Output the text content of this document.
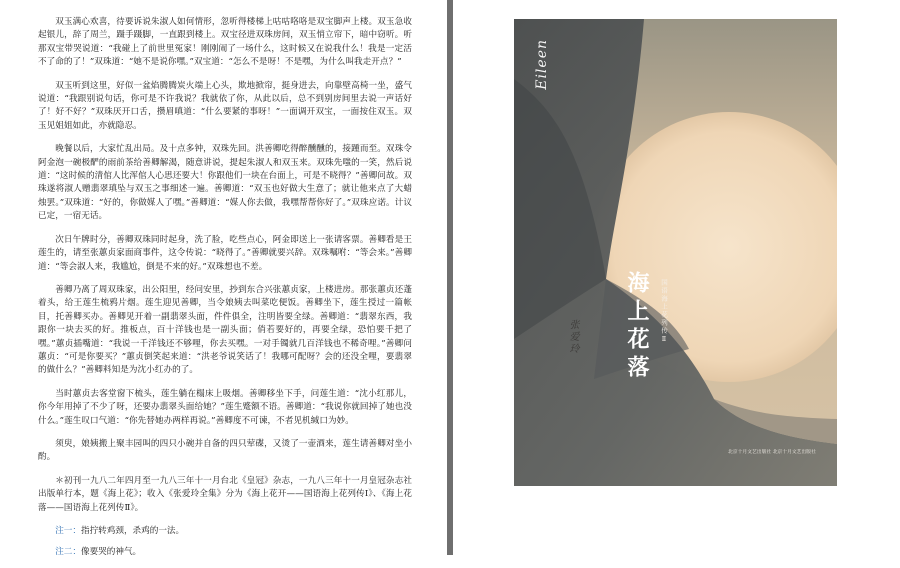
双玉满心欢喜，待要诉说朱淑人如何情形，忽听得楼梯上咕咕咯咯是双宝脚声上楼。双玉急收起银儿，辞了周兰，蹑手蹑脚，一直跟到楼上。双宝径进双珠房间，双玉悄立帘下，暗中窃听。听那双宝带哭说道：“我碰上了前世里冤家！刚刚闹了一场什么，这时候又在说我什么！我是一定活不了命的了！”双珠道：“她不是说你嘿。”双宝道：“怎么不是呀！不是嘿，为什么叫我走开点？”

双玉听到这里，好似一盆焰腾腾炭火端上心头，欺地掀帘，挺身进去，向靠壁高椅一坐，盛气说道：“我跟别说句话，你可是不许我说？我就依了你，从此以后，总不到别房间里去说一声话好了！好不好？”双珠厌开口舌，攒眉嗔道：“什么要紧的事呀！”一面调开双宝，一面按住双玉。双玉见姐姐如此，亦就隐忍。

晚餐以后，大家忙乱出局。及十点多钟，双珠先回。洪善卿吃得醉醺醺的，接踵而至。双珠令阿金泡一碗极酽的雨前茶给善卿解渴，随意讲说，提起朱淑人和双玉来。双珠先嗤的一笑，然后说道：“这时候的清倌人比浑倌人心思还要大！你跟他们一块在台面上，可是不晓得？”善卿问故。双珠遂将淑人赠翡翠瑱坠与双玉之事细述一遍。善卿道：“双玉也好做大生意了；就让他来点了大蜡烛罢。”双珠道：“好的，你做媒人了嘿。”善卿道：“媒人你去做，我嘿帮帮你好了。”双珠应诺。计议已定，一宿无话。

次日午牌时分，善卿双珠同时起身，洗了脸，吃些点心，阿金即送上一张请客票。善卿看是王莲生的，请至张蕙贞家面商事件，这令传说：“晓得了。”善卿就要兴辞。双珠嘱咐：“等会来。”善卿道：“等会淑人来，我尴尬，倒是不来的好。”双珠想也不差。

善卿乃离了周双珠家，出公阳里，经问安里，抄到东合兴张蕙贞家，上楼进房。那张蕙贞还蓬着头，给王莲生梳鸦片烟。莲生迎见善卿，当令娘姨去叫菜吃便饭。善卿坐下，莲生授过一篇帐目，托善卿买办。善卿见开着一副翡翠头面，件件俱全，注明皆要全绿。善卿道：“翡翠东西，我跟你一块去买的好。推板点，百十洋钱也是一副头面；俏若要好的，再要全绿，恐怕要千把了嘿。”蕙贞插嘴道：“我说一千洋钱还不够哩，你去买嘿。一对手镯就几百洋钱也不稀奇哩。”善卿问蕙贞：“可是你要买？”蕙贞倒笑起来道：“洪老爷说笑话了！我哪可配呀？会的还没全哩，要翡翠的做什么？”善卿料知是为沈小红办的了。

当时蕙贞去客堂窗下梳头，莲生躺在榻床上吸烟。善卿移坐下手，问莲生道：“沈小红那儿，你今年用掉了不少了呀，还要办翡翠头面给她？”莲生蹙额不语。善卿道：“我说你就回掉了她也没什么。”莲生叹口气道：“你先替她办两样再说。”善卿度不可谏，不者见机缄口为妙。

须臾，娘姨搬上聚丰园叫的四只小碗并自备的四只荤碟，又烫了一壶酒来，莲生请善卿对坐小酌。

＊初刊一九八二年四月至一九八三年十一月台北《皇冠》杂志，一九八三年十一月皇冠杂志社出版单行本，题《海上花》；收入《张爱玲全集》分为《海上花开——国语海上花列传Ⅰ》、《海上花落——国语海上花列传Ⅱ》。

注一：指拧转鸡颈，杀鸡的一法。

注二：像要哭的神气。

Eileen
海上花落	国语海上花列传Ⅱ
张爱玲
北京十月文艺出版社 北京十月文艺出版社
